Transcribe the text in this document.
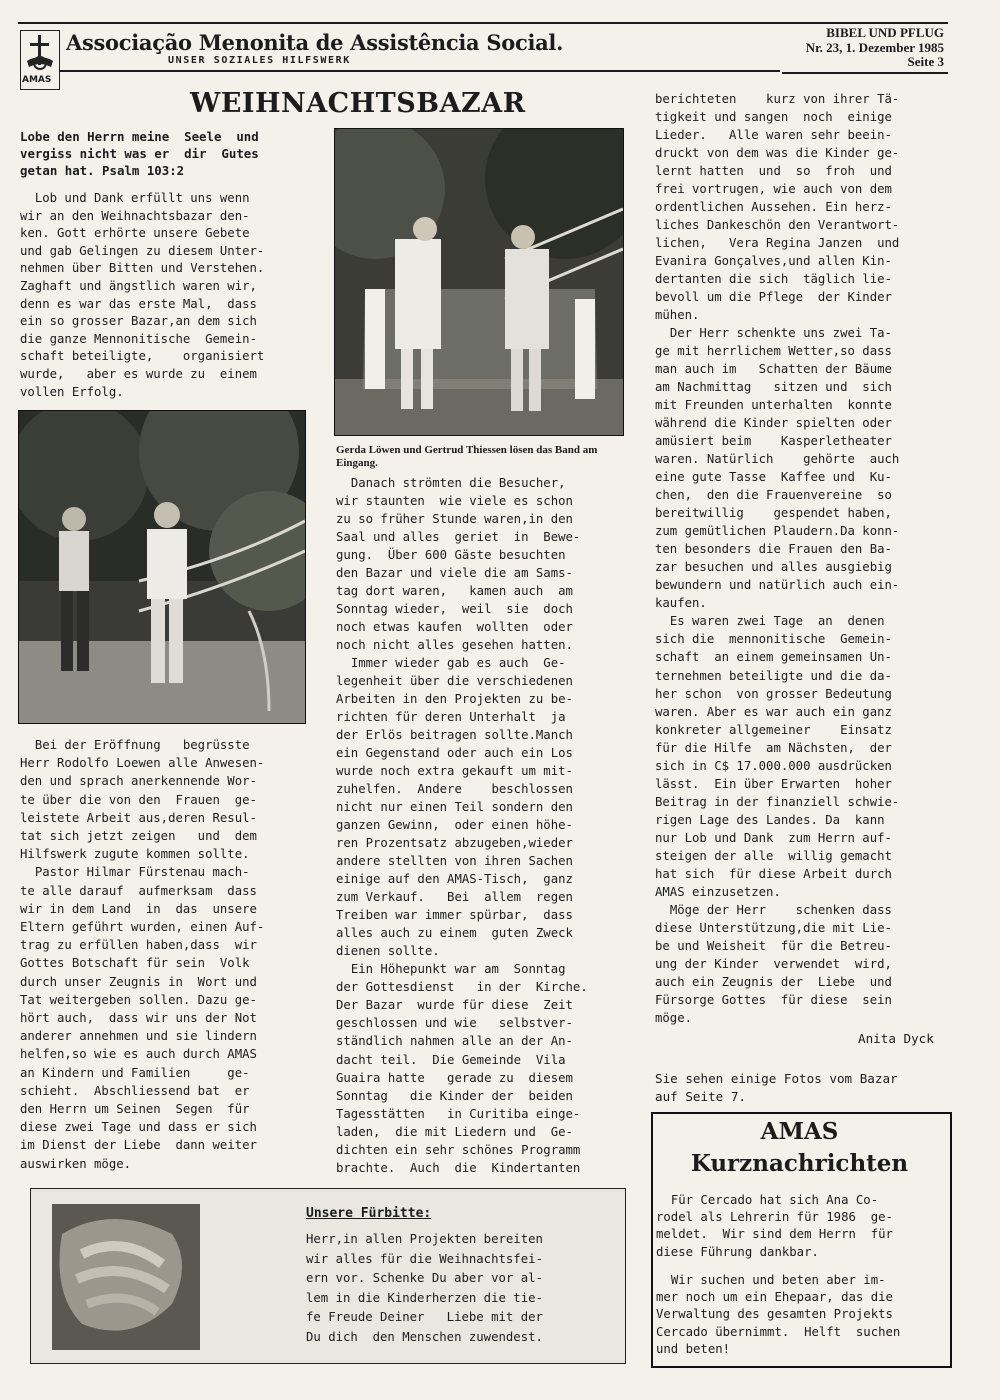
AMAS
Associação Menonita de Assistência Social.
UNSER SOZIALES HILFSWERK
BIBEL UND PFLUG
Nr. 23, 1. Dezember 1985
Seite 3
WEIHNACHTSBAZAR
Lobe den Herrn meine  Seele  und
vergiss nicht was er  dir  Gutes
getan hat. Psalm 103:2
Lob und Dank erfüllt uns wenn
wir an den Weihnachtsbazar den-
ken. Gott erhörte unsere Gebete
und gab Gelingen zu diesem Unter-
nehmen über Bitten und Verstehen.
Zaghaft und ängstlich waren wir,
denn es war das erste Mal,  dass
ein so grosser Bazar,an dem sich
die ganze Mennonitische  Gemein-
schaft beteiligte,    organisiert
wurde,   aber es wurde zu  einem
vollen Erfolg.
Bei der Eröffnung   begrüsste
Herr Rodolfo Loewen alle Anwesen-
den und sprach anerkennende Wor-
te über die von den  Frauen  ge-
leistete Arbeit aus,deren Resul-
tat sich jetzt zeigen   und  dem
Hilfswerk zugute kommen sollte.
Pastor Hilmar Fürstenau mach-
te alle darauf  aufmerksam  dass
wir in dem Land  in  das  unsere
Eltern geführt wurden, einen Auf-
trag zu erfüllen haben,dass  wir
Gottes Botschaft für sein  Volk
durch unser Zeugnis in  Wort und
Tat weitergeben sollen. Dazu ge-
hört auch,  dass wir uns der Not
anderer annehmen und sie lindern
helfen,so wie es auch durch AMAS
an Kindern und Familien     ge-
schieht.  Abschliessend bat  er
den Herrn um Seinen  Segen  für
diese zwei Tage und dass er sich
im Dienst der Liebe  dann weiter
auswirken möge.
Gerda Löwen und Gertrud Thiessen lösen das Band am Eingang.
Danach strömten die Besucher,
wir staunten  wie viele es schon
zu so früher Stunde waren,in den
Saal und alles  geriet  in  Bewe-
gung.  Über 600 Gäste besuchten
den Bazar und viele die am Sams-
tag dort waren,   kamen auch  am
Sonntag wieder,  weil  sie  doch
noch etwas kaufen  wollten  oder
noch nicht alles gesehen hatten.
Immer wieder gab es auch  Ge-
legenheit über die verschiedenen
Arbeiten in den Projekten zu be-
richten für deren Unterhalt  ja
der Erlös beitragen sollte.Manch
ein Gegenstand oder auch ein Los
wurde noch extra gekauft um mit-
zuhelfen.  Andere    beschlossen
nicht nur einen Teil sondern den
ganzen Gewinn,  oder einen höhe-
ren Prozentsatz abzugeben,wieder
andere stellten von ihren Sachen
einige auf den AMAS-Tisch,  ganz
zum Verkauf.   Bei  allem  regen
Treiben war immer spürbar,  dass
alles auch zu einem  guten Zweck
dienen sollte.
Ein Höhepunkt war am  Sonntag
der Gottesdienst   in der  Kirche.
Der Bazar  wurde für diese  Zeit
geschlossen und wie   selbstver-
ständlich nahmen alle an der An-
dacht teil.  Die Gemeinde  Vila
Guaira hatte   gerade zu  diesem
Sonntag   die Kinder der  beiden
Tagesstätten   in Curitiba einge-
laden,  die mit Liedern und  Ge-
dichten ein sehr schönes Programm
brachte.  Auch  die  Kindertanten
berichteten    kurz von ihrer Tä-
tigkeit und sangen  noch  einige
Lieder.   Alle waren sehr beein-
druckt von dem was die Kinder ge-
lernt hatten  und  so  froh  und
frei vortrugen, wie auch von dem
ordentlichen Aussehen. Ein herz-
liches Dankeschön den Verantwort-
lichen,   Vera Regina Janzen  und
Evanira Gonçalves,und allen Kin-
dertanten die sich  täglich lie-
bevoll um die Pflege  der Kinder
mühen.
Der Herr schenkte uns zwei Ta-
ge mit herrlichem Wetter,so dass
man auch im   Schatten der Bäume
am Nachmittag   sitzen und  sich
mit Freunden unterhalten  konnte
während die Kinder spielten oder
amüsiert beim    Kasperletheater
waren. Natürlich    gehörte  auch
eine gute Tasse  Kaffee und  Ku-
chen,  den die Frauenvereine  so
bereitwillig    gespendet haben,
zum gemütlichen Plaudern.Da konn-
ten besonders die Frauen den Ba-
zar besuchen und alles ausgiebig
bewundern und natürlich auch ein-
kaufen.
Es waren zwei Tage  an  denen
sich die  mennonitische  Gemein-
schaft  an einem gemeinsamen Un-
ternehmen beteiligte und die da-
her schon  von grosser Bedeutung
waren. Aber es war auch ein ganz
konkreter allgemeiner    Einsatz
für die Hilfe  am Nächsten,  der
sich in C$ 17.000.000 ausdrücken
lässt.  Ein über Erwarten  hoher
Beitrag in der finanziell schwie-
rigen Lage des Landes. Da  kann
nur Lob und Dank  zum Herrn auf-
steigen der alle  willig gemacht
hat sich  für diese Arbeit durch
AMAS einzusetzen.
Möge der Herr    schenken dass
diese Unterstützung,die mit Lie-
be und Weisheit  für die Betreu-
ung der Kinder  verwendet  wird,
auch ein Zeugnis der  Liebe  und
Fürsorge Gottes  für diese  sein
möge.
Anita Dyck
Sie sehen einige Fotos vom Bazar
auf Seite 7.
Unsere Fürbitte:
Herr,in allen Projekten bereiten
wir alles für die Weihnachtsfei-
ern vor. Schenke Du aber vor al-
lem in die Kinderherzen die tie-
fe Freude Deiner   Liebe mit der
Du dich  den Menschen zuwendest.
AMAS
Kurznachrichten
Für Cercado hat sich Ana Co-
rodel als Lehrerin für 1986  ge-
meldet.  Wir sind dem Herrn  für
diese Führung dankbar.
Wir suchen und beten aber im-
mer noch um ein Ehepaar, das die
Verwaltung des gesamten Projekts
Cercado übernimmt.  Helft  suchen
und beten!
